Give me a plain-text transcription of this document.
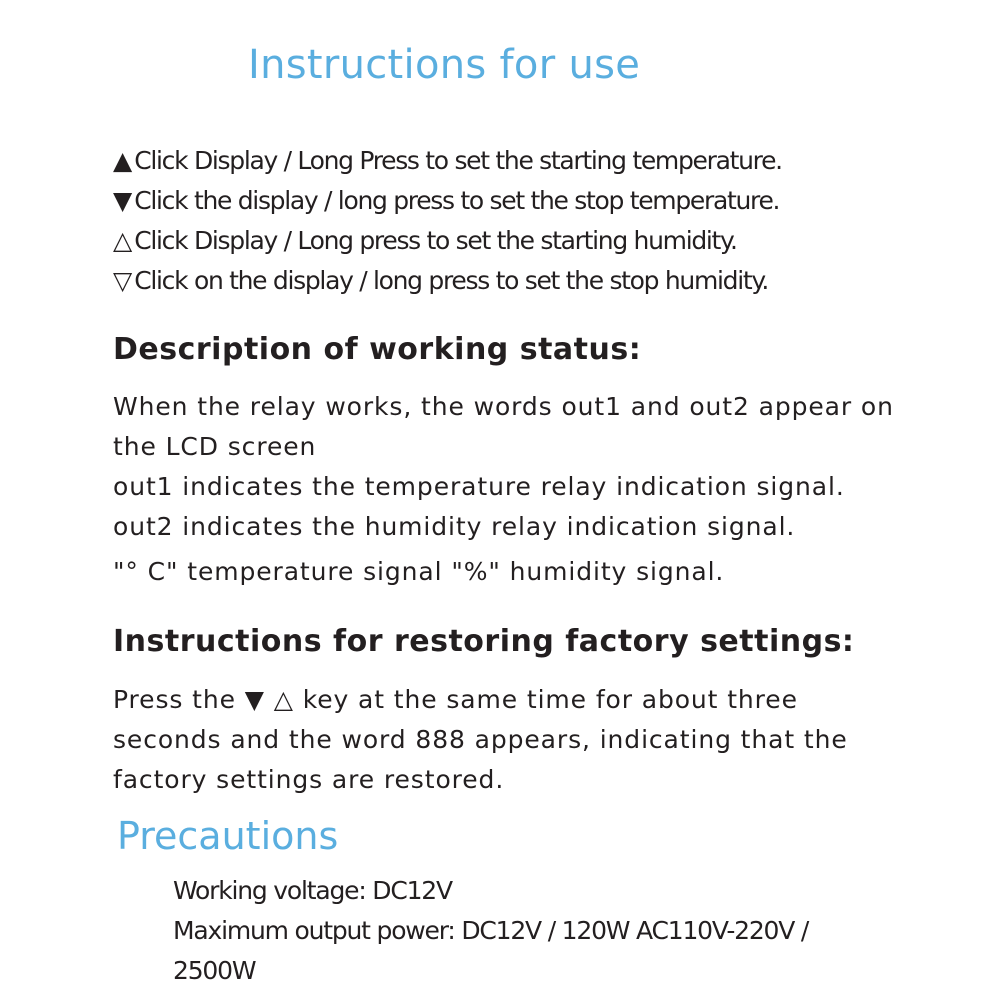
Instructions for use
▲Click Display / Long Press to set the starting temperature.
▼Click the display / long press to set the stop temperature.
△Click Display / Long press to set the starting humidity.
▽Click on the display / long press to set the stop humidity.
Description of working status:
When the relay works, the words out1 and out2 appear on
the LCD screen
out1 indicates the temperature relay indication signal.
out2 indicates the humidity relay indication signal.
"° C" temperature signal "%" humidity signal.
Instructions for restoring factory settings:
Press the ▼ △ key at the same time for about three
seconds and the word 888 appears, indicating that the
factory settings are restored.
Precautions
Working voltage: DC12V
Maximum output power: DC12V / 120W AC110V-220V /
2500W
